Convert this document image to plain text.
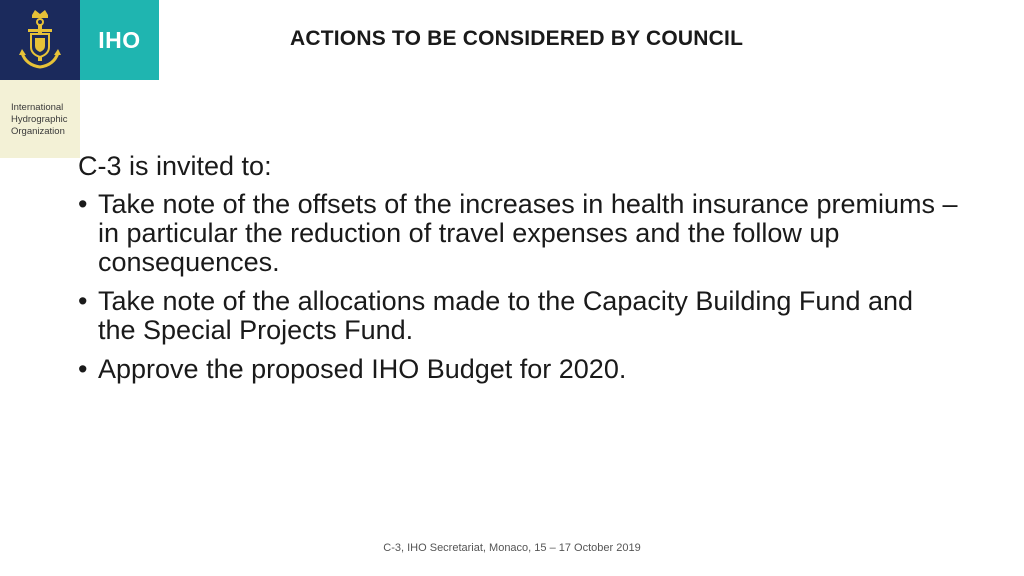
IHO
International
Hydrographic
Organization
ACTIONS TO BE CONSIDERED BY COUNCIL

C-3 is invited to:

• Take note of the offsets of the increases in health insurance premiums – in particular the reduction of travel expenses and the follow up consequences.
• Take note of the allocations made to the Capacity Building Fund and the Special Projects Fund.
• Approve the proposed IHO Budget for 2020.
C-3, IHO Secretariat, Monaco, 15 – 17 October 2019
